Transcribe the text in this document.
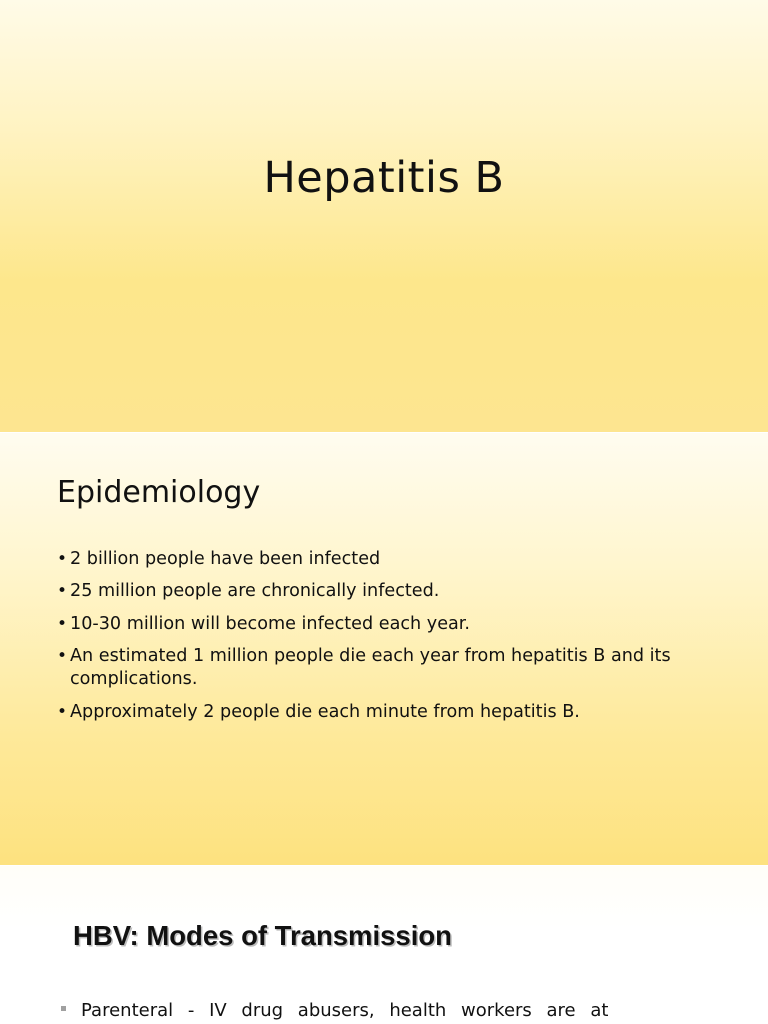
Hepatitis B
Epidemiology
• 2 billion people have been infected
• 25 million people are chronically infected.
• 10-30 million will become infected each year.
• An estimated 1 million people die each year from hepatitis B and its complications.
• Approximately 2 people die each minute from hepatitis B.
HBV: Modes of Transmission
Parenteral - IV drug abusers, health workers are at
